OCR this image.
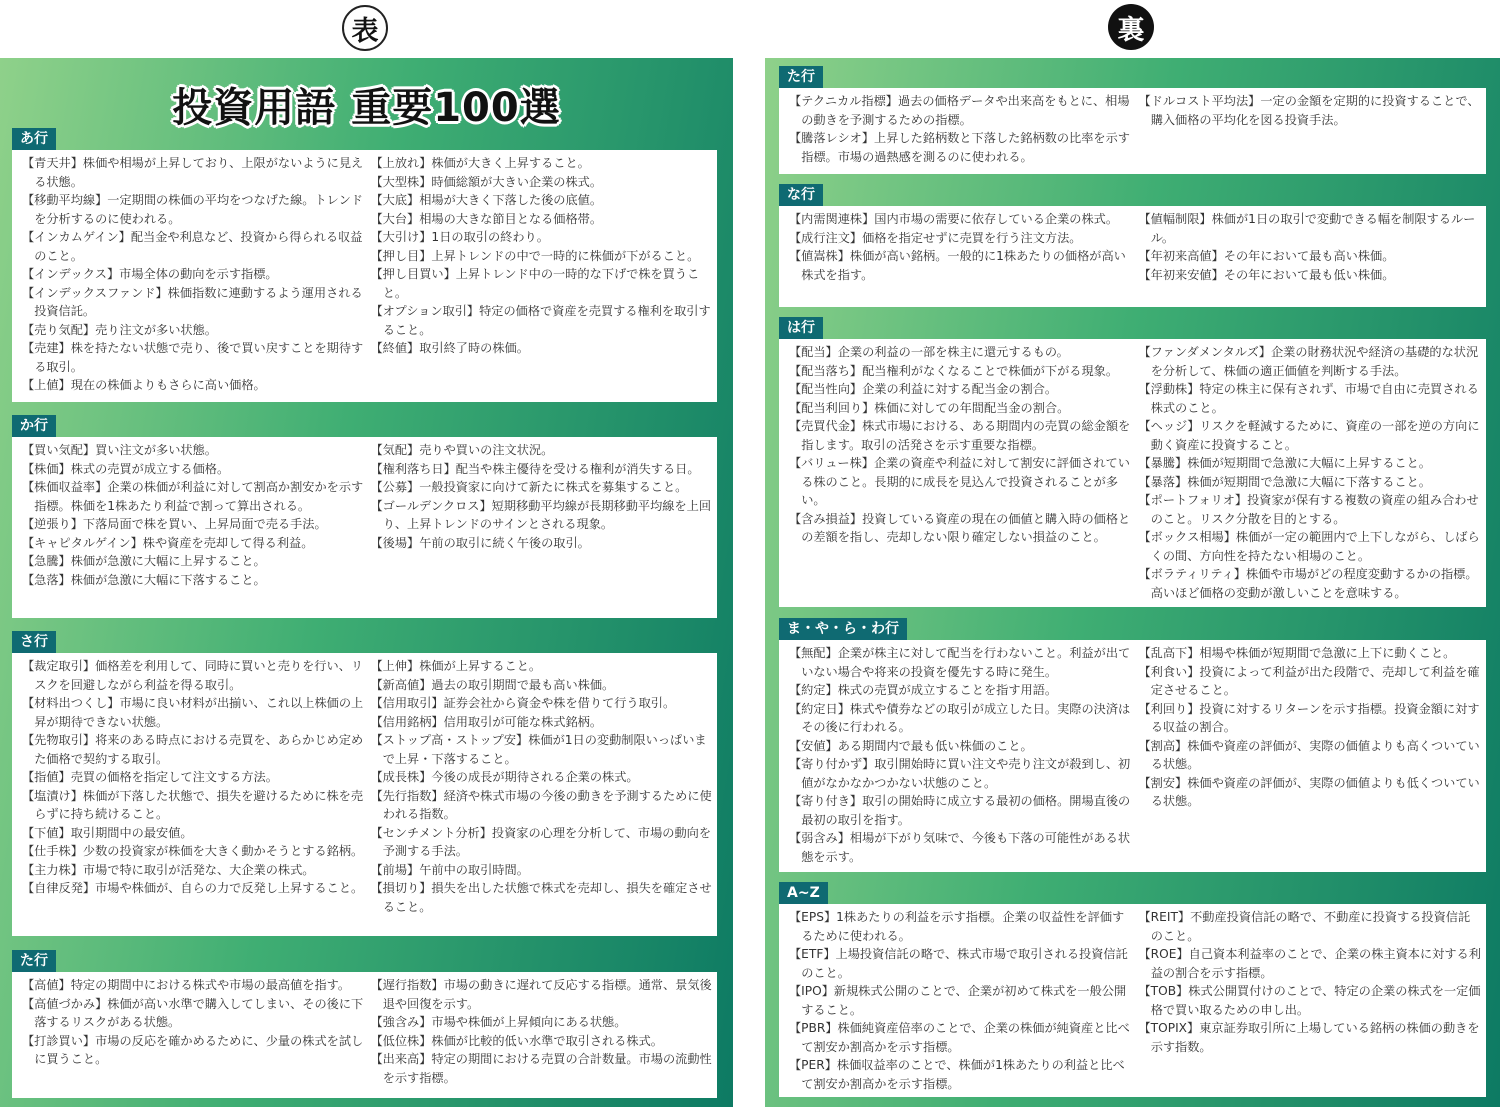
表	裏
投資用語 重要100選
あ行

【青天井】株価や相場が上昇しており、上限がないように見える状態。

【移動平均線】一定期間の株価の平均をつなげた線。トレンドを分析するのに使われる。

【インカムゲイン】配当金や利息など、投資から得られる収益のこと。

【インデックス】市場全体の動向を示す指標。

【インデックスファンド】株価指数に連動するよう運用される投資信託。

【売り気配】売り注文が多い状態。

【売建】株を持たない状態で売り、後で買い戻すことを期待する取引。

【上値】現在の株価よりもさらに高い価格。

【上放れ】株価が大きく上昇すること。

【大型株】時価総額が大きい企業の株式。

【大底】相場が大きく下落した後の底値。

【大台】相場の大きな節目となる価格帯。

【大引け】1日の取引の終わり。

【押し目】上昇トレンドの中で一時的に株価が下がること。

【押し目買い】上昇トレンド中の一時的な下げで株を買うこと。

【オプション取引】特定の価格で資産を売買する権利を取引すること。

【終値】取引終了時の株価。

か行

【買い気配】買い注文が多い状態。

【株価】株式の売買が成立する価格。

【株価収益率】企業の株価が利益に対して割高か割安かを示す指標。株価を1株あたり利益で割って算出される。

【逆張り】下落局面で株を買い、上昇局面で売る手法。

【キャピタルゲイン】株や資産を売却して得る利益。

【急騰】株価が急激に大幅に上昇すること。

【急落】株価が急激に大幅に下落すること。

【気配】売りや買いの注文状況。

【権利落ち日】配当や株主優待を受ける権利が消失する日。

【公募】一般投資家に向けて新たに株式を募集すること。

【ゴールデンクロス】短期移動平均線が長期移動平均線を上回り、上昇トレンドのサインとされる現象。

【後場】午前の取引に続く午後の取引。

さ行

【裁定取引】価格差を利用して、同時に買いと売りを行い、リスクを回避しながら利益を得る取引。

【材料出つくし】市場に良い材料が出揃い、これ以上株価の上昇が期待できない状態。

【先物取引】将来のある時点における売買を、あらかじめ定めた価格で契約する取引。

【指値】売買の価格を指定して注文する方法。

【塩漬け】株価が下落した状態で、損失を避けるために株を売らずに持ち続けること。

【下値】取引期間中の最安値。

【仕手株】少数の投資家が株価を大きく動かそうとする銘柄。

【主力株】市場で特に取引が活発な、大企業の株式。

【自律反発】市場や株価が、自らの力で反発し上昇すること。

【上伸】株価が上昇すること。

【新高値】過去の取引期間で最も高い株価。

【信用取引】証券会社から資金や株を借りて行う取引。

【信用銘柄】信用取引が可能な株式銘柄。

【ストップ高・ストップ安】株価が1日の変動制限いっぱいまで上昇・下落すること。

【成長株】今後の成長が期待される企業の株式。

【先行指数】経済や株式市場の今後の動きを予測するために使われる指数。

【センチメント分析】投資家の心理を分析して、市場の動向を予測する手法。

【前場】午前中の取引時間。

【損切り】損失を出した状態で株式を売却し、損失を確定させること。

た行

【高値】特定の期間中における株式や市場の最高値を指す。

【高値づかみ】株価が高い水準で購入してしまい、その後に下落するリスクがある状態。

【打診買い】市場の反応を確かめるために、少量の株式を試しに買うこと。

【遅行指数】市場の動きに遅れて反応する指標。通常、景気後退や回復を示す。

【強含み】市場や株価が上昇傾向にある状態。

【低位株】株価が比較的低い水準で取引される株式。

【出来高】特定の期間における売買の合計数量。市場の流動性を示す指標。

た行

【テクニカル指標】過去の価格データや出来高をもとに、相場の動きを予測するための指標。

【騰落レシオ】上昇した銘柄数と下落した銘柄数の比率を示す指標。市場の過熱感を測るのに使われる。

【ドルコスト平均法】一定の金額を定期的に投資することで、購入価格の平均化を図る投資手法。

な行

【内需関連株】国内市場の需要に依存している企業の株式。

【成行注文】価格を指定せずに売買を行う注文方法。

【値嵩株】株価が高い銘柄。一般的に1株あたりの価格が高い株式を指す。

【値幅制限】株価が1日の取引で変動できる幅を制限するルール。

【年初来高値】その年において最も高い株価。

【年初来安値】その年において最も低い株価。

は行

【配当】企業の利益の一部を株主に還元するもの。

【配当落ち】配当権利がなくなることで株価が下がる現象。

【配当性向】企業の利益に対する配当金の割合。

【配当利回り】株価に対しての年間配当金の割合。

【売買代金】株式市場における、ある期間内の売買の総金額を指します。取引の活発さを示す重要な指標。

【バリュー株】企業の資産や利益に対して割安に評価されている株のこと。長期的に成長を見込んで投資されることが多い。

【含み損益】投資している資産の現在の価値と購入時の価格との差額を指し、売却しない限り確定しない損益のこと。

【ファンダメンタルズ】企業の財務状況や経済の基礎的な状況を分析して、株価の適正価値を判断する手法。

【浮動株】特定の株主に保有されず、市場で自由に売買される株式のこと。

【ヘッジ】リスクを軽減するために、資産の一部を逆の方向に動く資産に投資すること。

【暴騰】株価が短期間で急激に大幅に上昇すること。

【暴落】株価が短期間で急激に大幅に下落すること。

【ポートフォリオ】投資家が保有する複数の資産の組み合わせのこと。リスク分散を目的とする。

【ボックス相場】株価が一定の範囲内で上下しながら、しばらくの間、方向性を持たない相場のこと。

【ボラティリティ】株価や市場がどの程度変動するかの指標。高いほど価格の変動が激しいことを意味する。

ま・や・ら・わ行

【無配】企業が株主に対して配当を行わないこと。利益が出ていない場合や将来の投資を優先する時に発生。

【約定】株式の売買が成立することを指す用語。

【約定日】株式や債券などの取引が成立した日。実際の決済はその後に行われる。

【安値】ある期間内で最も低い株価のこと。

【寄り付かず】取引開始時に買い注文や売り注文が殺到し、初値がなかなかつかない状態のこと。

【寄り付き】取引の開始時に成立する最初の価格。開場直後の最初の取引を指す。

【弱含み】相場が下がり気味で、今後も下落の可能性がある状態を示す。

【乱高下】相場や株価が短期間で急激に上下に動くこと。

【利食い】投資によって利益が出た段階で、売却して利益を確定させること。

【利回り】投資に対するリターンを示す指標。投資金額に対する収益の割合。

【割高】株価や資産の評価が、実際の価値よりも高くついている状態。

【割安】株価や資産の評価が、実際の価値よりも低くついている状態。

A~Z

【EPS】1株あたりの利益を示す指標。企業の収益性を評価するために使われる。

【ETF】上場投資信託の略で、株式市場で取引される投資信託のこと。

【IPO】新規株式公開のことで、企業が初めて株式を一般公開すること。

【PBR】株価純資産倍率のことで、企業の株価が純資産と比べて割安か割高かを示す指標。

【PER】株価収益率のことで、株価が1株あたりの利益と比べて割安か割高かを示す指標。

【REIT】不動産投資信託の略で、不動産に投資する投資信託のこと。

【ROE】自己資本利益率のことで、企業の株主資本に対する利益の割合を示す指標。

【TOB】株式公開買付けのことで、特定の企業の株式を一定価格で買い取るための申し出。

【TOPIX】東京証券取引所に上場している銘柄の株価の動きを示す指数。
